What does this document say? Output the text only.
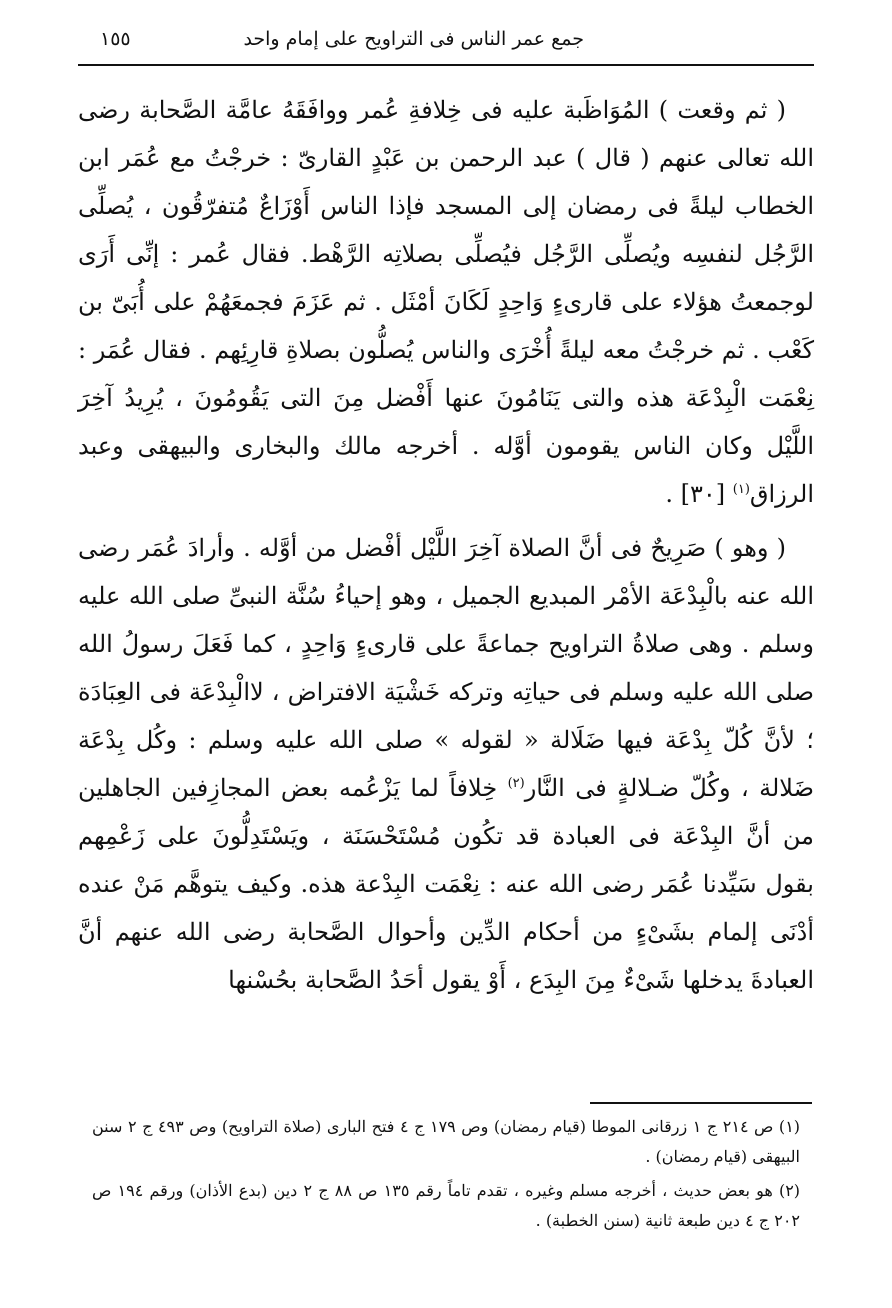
جمع عمر الناس فى التراويح على إمام واحد
١٥٥

( ثم وقعت ) المُوَاظَبة عليه فى خِلافةِ عُمر ووافَقَهُ عامَّة الصَّحابة رضى الله تعالى عنهم ( قال ) عبد الرحمن بن عَبْدٍ القارىّ : خرجْتُ مع عُمَر ابن الخطاب ليلةً فى رمضان إلى المسجد فإذا الناس أَوْزَاعٌ مُتفرّقُون ، يُصلِّى الرَّجُل لنفسِه ويُصلِّى الرَّجُل فيُصلِّى بصلاتِه الرَّهْط. فقال عُمر : إنِّى أَرَى لوجمعتُ هؤلاء على قارىءٍ وَاحِدٍ لَكَانَ أمْثَل . ثم عَزَمَ فجمعَهُمْ على أُبَىّ بن كَعْب . ثم خرجْتُ معه ليلةً أُخْرَى والناس يُصلُّون بصلاةِ قارِئِهم . فقال عُمَر : نِعْمَت الْبِدْعَة هذه والتى يَنَامُونَ عنها أَفْضل مِنَ التى يَقُومُونَ ، يُرِيدُ آخِرَ اللَّيْل وكان الناس يقومون أوَّله . أخرجه مالك والبخارى والبيهقى وعبد الرزاق$^{(١)}$ [٣٠] .

( وهو ) صَرِيحٌ فى أنَّ الصلاة آخِرَ اللَّيْل أفْضل من أوَّله . وأرادَ عُمَر رضى الله عنه بالْبِدْعَة الأمْر المبديع الجميل ، وهو إحياءُ سُنَّة النبىِّ صلى الله عليه وسلم . وهى صلاةُ التراويح جماعةً على قارىءٍ وَاحِدٍ ، كما فَعَلَ رسولُ الله صلى الله عليه وسلم فى حياتِه وتركه خَشْيَة الافتراض ، لاالْبِدْعَة فى العِبَادَة ؛ لأنَّ كُلّ بِدْعَة فيها ضَلَالة « لقوله » صلى الله عليه وسلم : وكُل بِدْعَة ضَلالة ، وكُلّ ضـلالةٍ فى النَّار$^{(٢)}$ خِلافاً لما يَزْعُمه بعض المجازِفين الجاهلين من أنَّ البِدْعَة فى العبادة قد تكُون مُسْتَحْسَنَة ، ويَسْتَدِلُّونَ على زَعْمِهم بقول سَيِّدنا عُمَر رضى الله عنه : نِعْمَت البِدْعة هذه. وكيف يتوهَّم مَنْ عنده أدْنَى إلمام بشَىْءٍ من أحكام الدِّين وأحوال الصَّحابة رضى الله عنهم أنَّ العبادةَ يدخلها شَىْءٌ مِنَ البِدَع ، أَوْ يقول أحَدُ الصَّحابة بحُسْنها

(١) ص ٢١٤ ج ١ زرقانى الموطا (قيام رمضان) وص ١٧٩ ج ٤ فتح البارى (صلاة التراويح) وص ٤٩٣ ج ٢ سنن البيهقى (قيام رمضان) .

(٢) هو بعض حديث ، أخرجه مسلم وغيره ، تقدم تاماً رقم ١٣٥ ص ٨٨ ج ٢ دين (بدع الأذان) ورقم ١٩٤ ص ٢٠٢ ج ٤ دين طبعة ثانية (سنن الخطبة) .
